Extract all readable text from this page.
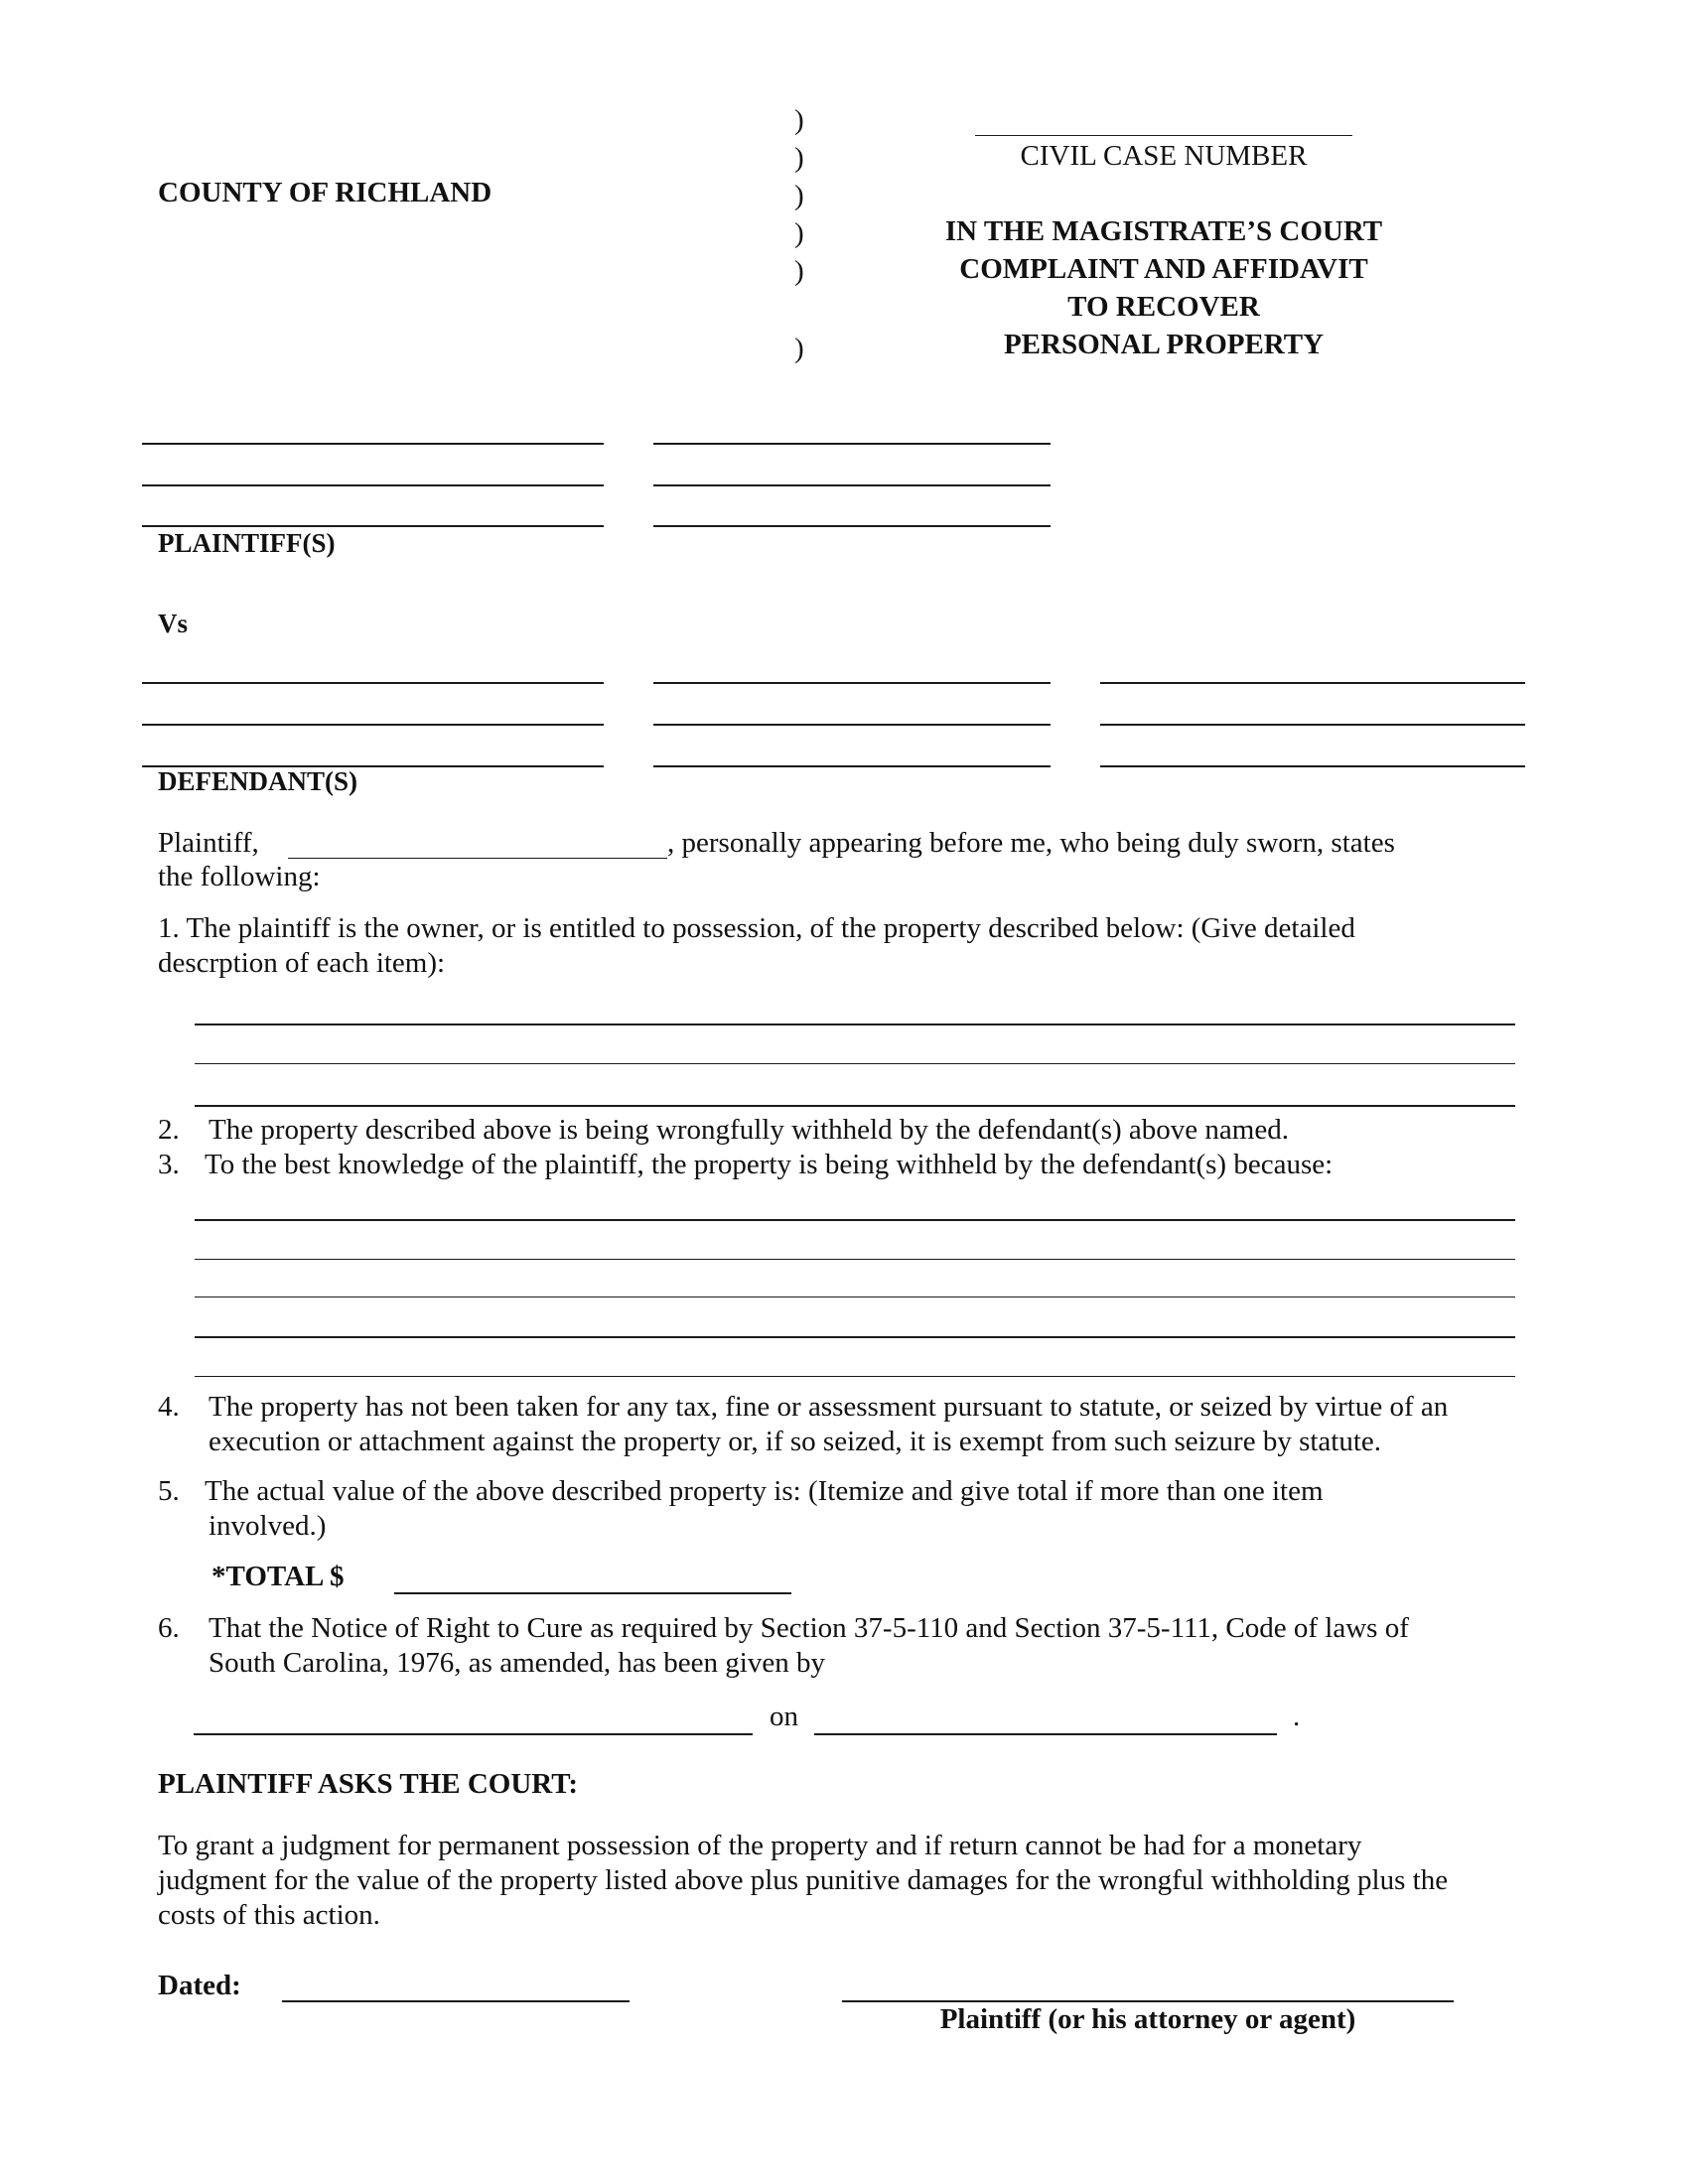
)
)
)
)
)
)
COUNTY OF RICHLAND
CIVIL CASE NUMBER
IN THE MAGISTRATE’S COURT
COMPLAINT AND AFFIDAVIT
TO RECOVER
PERSONAL PROPERTY
PLAINTIFF(S)
Vs
DEFENDANT(S)
Plaintiff,	, personally appearing before me, who being duly sworn, states
the following:
1. The plaintiff is the owner, or is entitled to possession, of the property described below: (Give detailed
descrption of each item):
2. The property described above is being wrongfully withheld by the defendant(s) above named.
3. To the best knowledge of the plaintiff, the property is being withheld by the defendant(s) because:
4. The property has not been taken for any tax, fine or assessment pursuant to statute, or seized by virtue of an
execution or attachment against the property or, if so seized, it is exempt from such seizure by statute.
5. The actual value of the above described property is: (Itemize and give total if more than one item
involved.)
*TOTAL $
6. That the Notice of Right to Cure as required by Section 37-5-110 and Section 37-5-111, Code of laws of
South Carolina, 1976, as amended, has been given by
on	.
PLAINTIFF ASKS THE COURT:
To grant a judgment for permanent possession of the property and if return cannot be had for a monetary
judgment for the value of the property listed above plus punitive damages for the wrongful withholding plus the
costs of this action.
Dated:
Plaintiff (or his attorney or agent)
